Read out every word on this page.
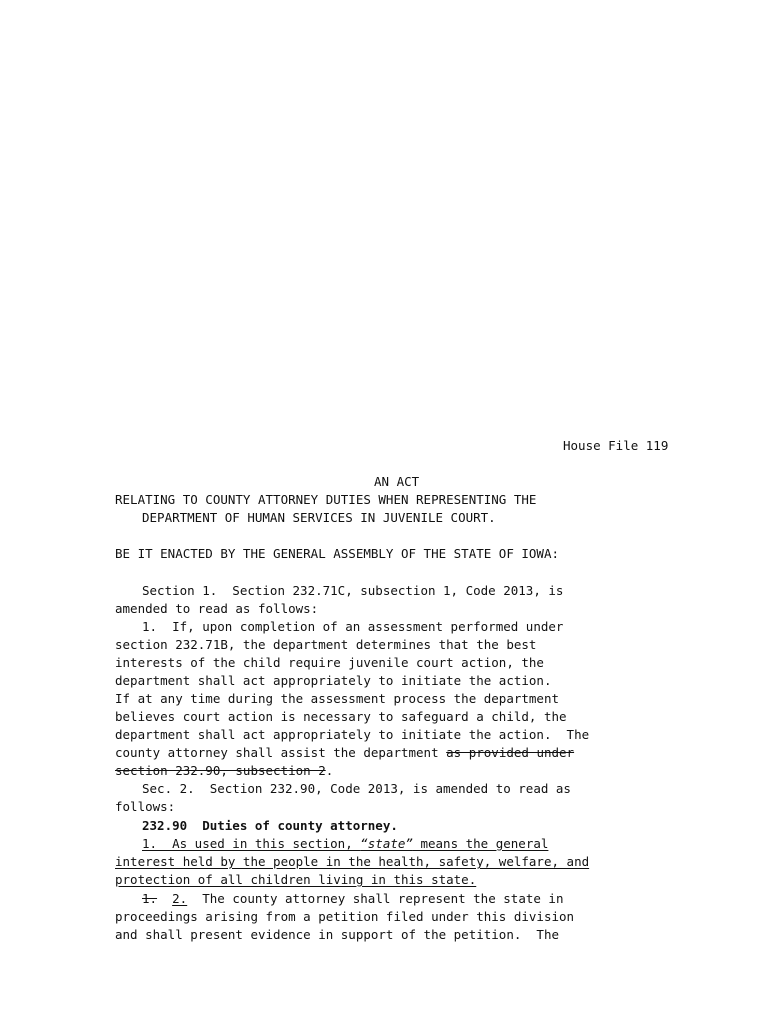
House File 119
AN ACT
RELATING TO COUNTY ATTORNEY DUTIES WHEN REPRESENTING THE
DEPARTMENT OF HUMAN SERVICES IN JUVENILE COURT.
BE IT ENACTED BY THE GENERAL ASSEMBLY OF THE STATE OF IOWA:
Section 1.  Section 232.71C, subsection 1, Code 2013, is
amended to read as follows:
1.  If, upon completion of an assessment performed under
section 232.71B, the department determines that the best
interests of the child require juvenile court action, the
department shall act appropriately to initiate the action.
If at any time during the assessment process the department
believes court action is necessary to safeguard a child, the
department shall act appropriately to initiate the action.  The
county attorney shall assist the department as provided under
section 232.90, subsection 2.
Sec. 2.  Section 232.90, Code 2013, is amended to read as
follows:
232.90  Duties of county attorney.
1.  As used in this section, “state” means the general
interest held by the people in the health, safety, welfare, and
protection of all children living in this state.
1. 2.  The county attorney shall represent the state in
proceedings arising from a petition filed under this division
and shall present evidence in support of the petition.  The
